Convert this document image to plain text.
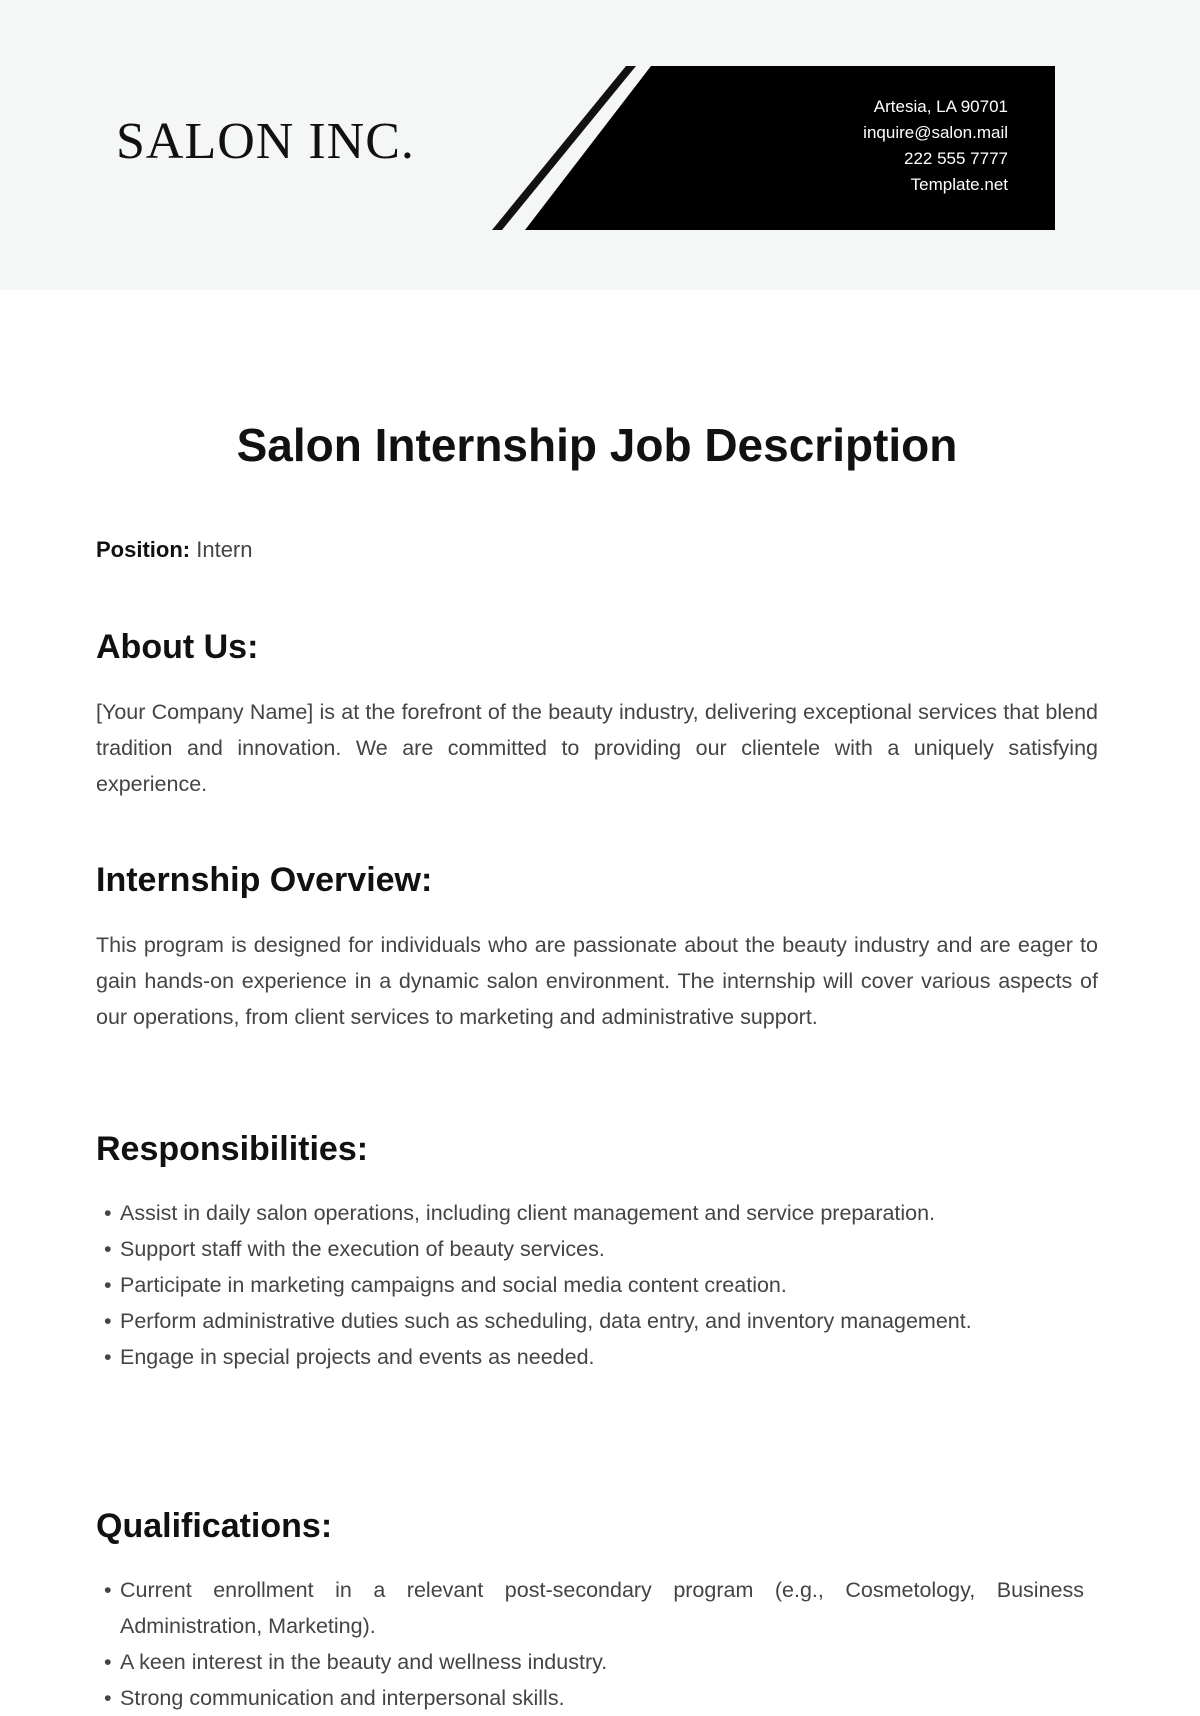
SALON INC.
Artesia, LA 90701
inquire@salon.mail
222 555 7777
Template.net
Salon Internship Job Description
Position: Intern
About Us:

[Your Company Name] is at the forefront of the beauty industry, delivering exceptional services that blend tradition and innovation. We are committed to providing our clientele with a uniquely satisfying experience.

Internship Overview:

This program is designed for individuals who are passionate about the beauty industry and are eager to gain hands-on experience in a dynamic salon environment. The internship will cover various aspects of our operations, from client services to marketing and administrative support.

Responsibilities:
• Assist in daily salon operations, including client management and service preparation.
• Support staff with the execution of beauty services.
• Participate in marketing campaigns and social media content creation.
• Perform administrative duties such as scheduling, data entry, and inventory management.
• Engage in special projects and events as needed.
Qualifications:
• Current enrollment in a relevant post-secondary program (e.g., Cosmetology, Business Administration, Marketing).
• A keen interest in the beauty and wellness industry.
• Strong communication and interpersonal skills.
